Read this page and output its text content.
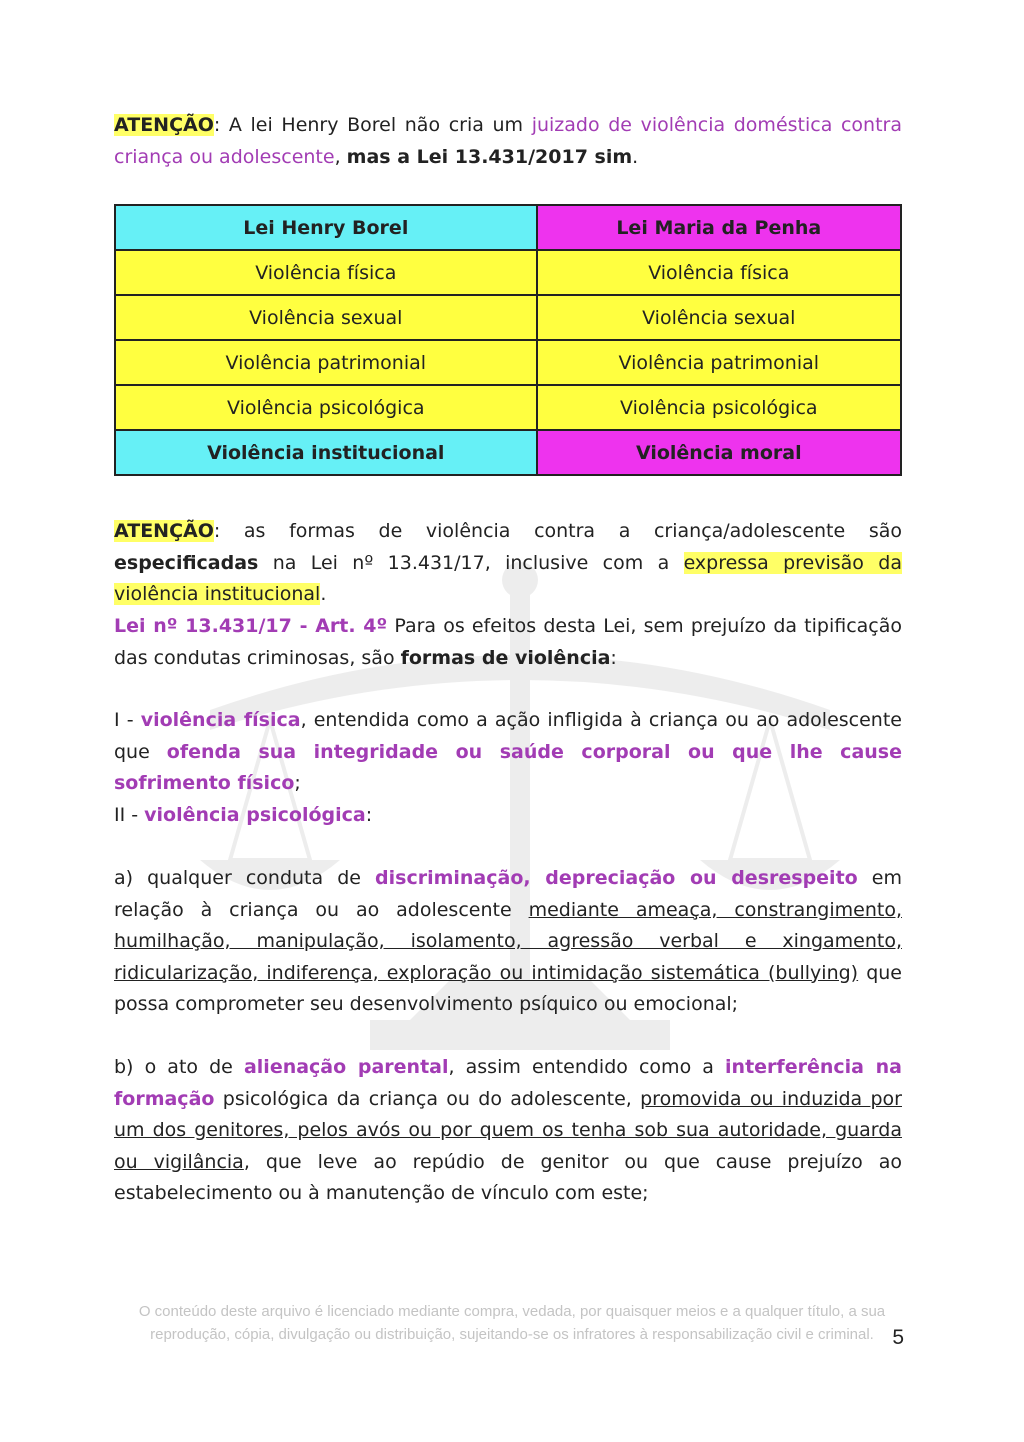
ATENÇÃO: A lei Henry Borel não cria um juizado de violência doméstica contra criança ou adolescente, mas a Lei 13.431/2017 sim.

ATENÇÃO: as formas de violência contra a criança/adolescente são especificadas na Lei nº 13.431/17, inclusive com a expressa previsão da violência institucional.

Lei nº 13.431/17 - Art. 4º Para os efeitos desta Lei, sem prejuízo da tipificação das condutas criminosas, são formas de violência:

I - violência física, entendida como a ação infligida à criança ou ao adolescente que ofenda sua integridade ou saúde corporal ou que lhe cause sofrimento físico;

II - violência psicológica:

a) qualquer conduta de discriminação, depreciação ou desrespeito em relação à criança ou ao adolescente mediante ameaça, constrangimento, humilhação, manipulação, isolamento, agressão verbal e xingamento, ridicularização, indiferença, exploração ou intimidação sistemática (bullying) que possa comprometer seu desenvolvimento psíquico ou emocional;

b) o ato de alienação parental, assim entendido como a interferência na formação psicológica da criança ou do adolescente, promovida ou induzida por um dos genitores, pelos avós ou por quem os tenha sob sua autoridade, guarda ou vigilância, que leve ao repúdio de genitor ou que cause prejuízo ao estabelecimento ou à manutenção de vínculo com este;

Lei Henry Borel	Lei Maria da Penha
Violência física	Violência física
Violência sexual	Violência sexual
Violência patrimonial	Violência patrimonial
Violência psicológica	Violência psicológica
Violência institucional	Violência moral
O conteúdo deste arquivo é licenciado mediante compra, vedada, por quaisquer meios e a qualquer título, a sua reprodução, cópia, divulgação ou distribuição, sujeitando-se os infratores à responsabilização civil e criminal. 5
